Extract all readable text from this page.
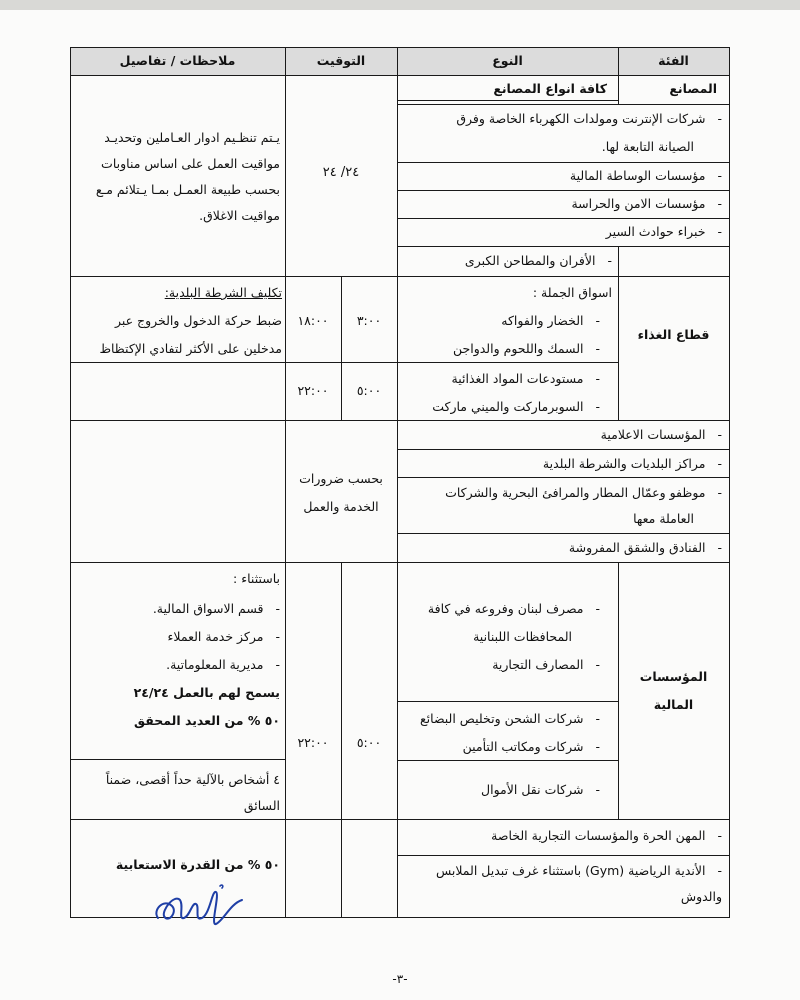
الفئة
النوع
التوقيت
ملاحظات / تفاصيل
المصانع
كافة انواع المصانع
-شركات الإنترنت ومولدات الكهرباء الخاصة وفرق
الصيانة التابعة لها.
-مؤسسات الوساطة المالية
-مؤسسات الامن والحراسة
-خبراء حوادث السير
٢٤/ ٢٤
يـتم تنظـيم ادوار العـاملين وتحديـد
مواقيت العمل على اساس مناوبات
بحسب طبيعة العمـل بمـا يـتلائم مـع
مواقيت الاغلاق.
-الأفران والمطاحن الكبرى
اسواق الجملة :
-الخضار والفواكه
-السمك واللحوم والدواجن
-مستودعات المواد الغذائية
-السوبرماركت والميني ماركت
قطاع الغذاء
٣:٠٠
١٨:٠٠
٥:٠٠
٢٢:٠٠
تكليف الشرطة البلدية:
ضبط حركة الدخول والخروج عبر
مدخلين على الأكثر لتفادي الإكتظاظ
-المؤسسات الاعلامية
-مراكز البلديات والشرطة البلدية
-موظفو وعمّال المطار والمرافئ البحرية والشركات
العاملة معها
-الفنادق والشقق المفروشة
بحسب ضرورات
الخدمة والعمل
المؤسسات
المالية
-مصرف لبنان وفروعه في كافة
المحافظات اللبنانية
-المصارف التجارية
-شركات الشحن وتخليص البضائع
-شركات ومكاتب التأمين
-شركات نقل الأموال
٥:٠٠
٢٢:٠٠
باستثناء :
-قسم الاسواق المالية.
-مركز خدمة العملاء
-مديرية المعلوماتية.
يسمح لهم بالعمل ٢٤/٢٤
٥٠ % من العديد المحقق
٤ أشخاص بالآلية حداً أقصى، ضمناً
السائق
-المهن الحرة والمؤسسات التجارية الخاصة
-الأندية الرياضية (Gym) باستثناء غرف تبديل الملابس
والدوش
٥٠ % من القدرة الاستعابية
-٣-
